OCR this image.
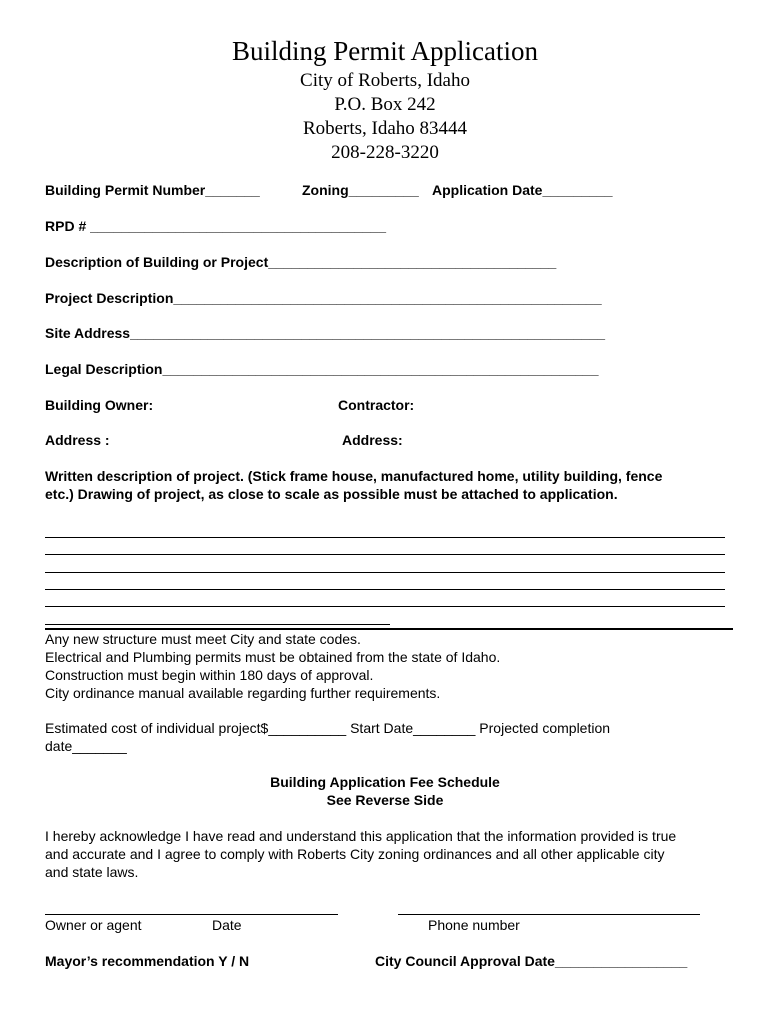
Building Permit Application
City of Roberts, Idaho
P.O. Box 242
Roberts, Idaho 83444
208-228-3220
Building Permit Number_______	Zoning_________ Application Date_________
RPD # ______________________________________
Description of Building or Project_____________________________________
Project Description_______________________________________________________
Site Address_____________________________________________________________
Legal Description________________________________________________________
Building Owner:	Contractor:
Address :	Address:
Written description of project. (Stick frame house, manufactured home, utility building, fence
etc.) Drawing of project, as close to scale as possible must be attached to application.
Any new structure must meet City and state codes.
Electrical and Plumbing permits must be obtained from the state of Idaho.
Construction must begin within 180 days of approval.
City ordinance manual available regarding further requirements.
Estimated cost of individual project$__________ Start Date________ Projected completion
date_______
Building Application Fee Schedule
See Reverse Side
I hereby acknowledge I have read and understand this application that the information provided is true
and accurate and I agree to comply with Roberts City zoning ordinances and all other applicable city
and state laws.
Owner or agent	Date	Phone number
Mayor’s recommendation Y / N	City Council Approval Date_________________
